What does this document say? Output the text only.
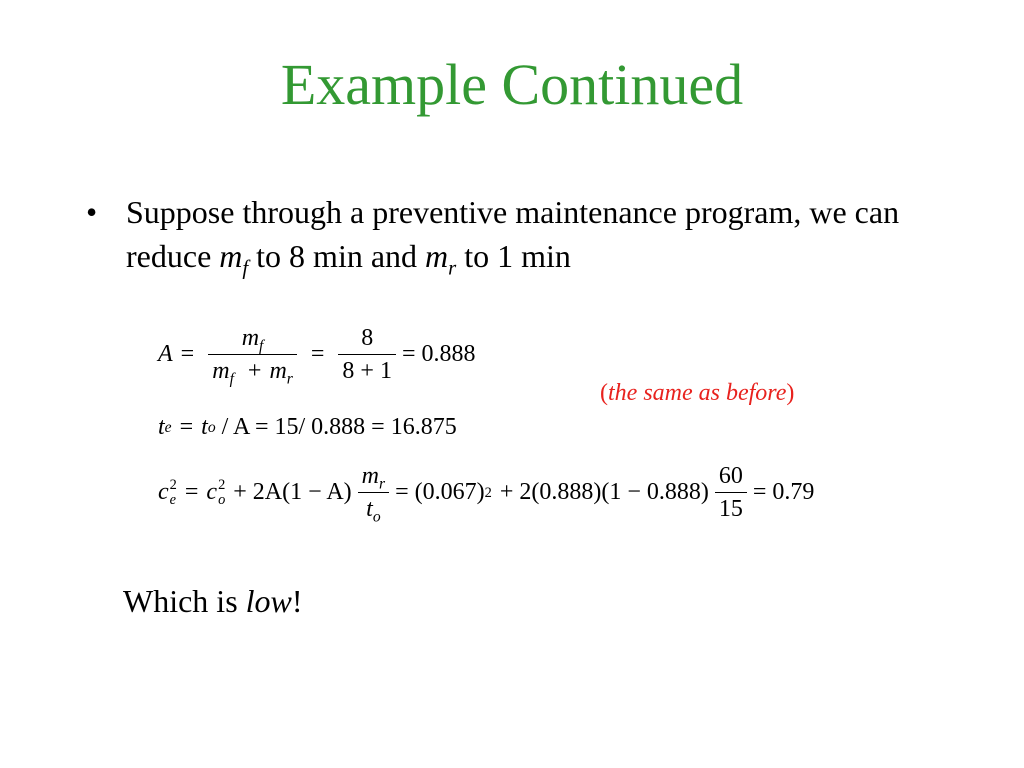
Example Continued
• Suppose through a preventive maintenance program, we can reduce $m_f$ to 8 min and $m_r$ to 1 min
$A = \frac{m_f}{m_f + m_r} = \frac{8}{8 + 1} = 0.888$
(the same as before)
t e = t o / A = 15/ 0.888 = 16.875
c 2
e = c 2
$o + 2A(1 - A) \frac{m_r}{t_o} = (0.067) 2 + 2(0.888)(1 - 0.888) \frac{60}{15} = 0.79$
Which is low!
